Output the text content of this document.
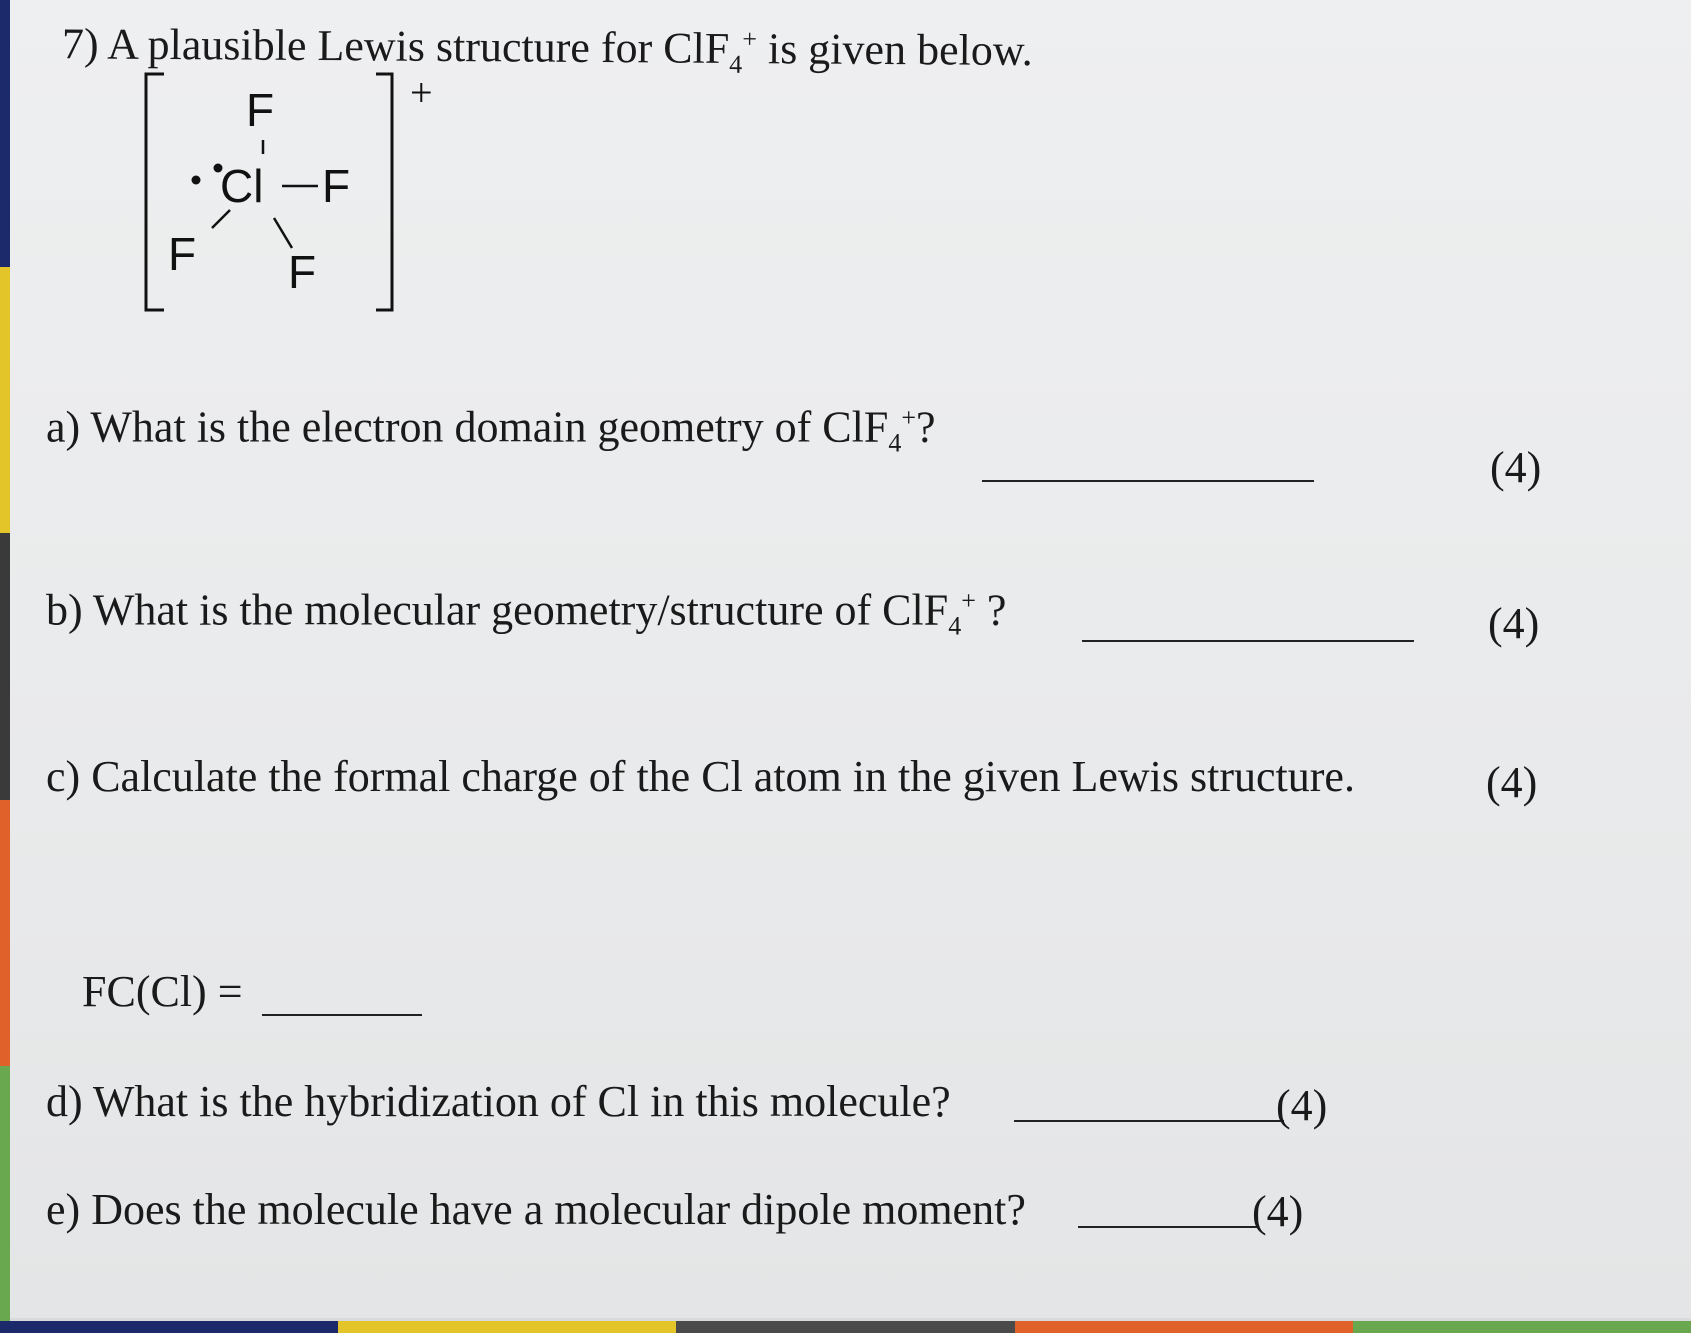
7) A plausible Lewis structure for ClF$_4$+ is given below.
+
F
Cl F
F F
a) What is the electron domain geometry of ClF$_4$+?
(4)
b) What is the molecular geometry/structure of ClF$_4$+ ?	(4)
c) Calculate the formal charge of the Cl atom in the given Lewis structure.	(4)
FC(Cl) =
d) What is the hybridization of Cl in this molecule?	(4)
e) Does the molecule have a molecular dipole moment?	(4)
